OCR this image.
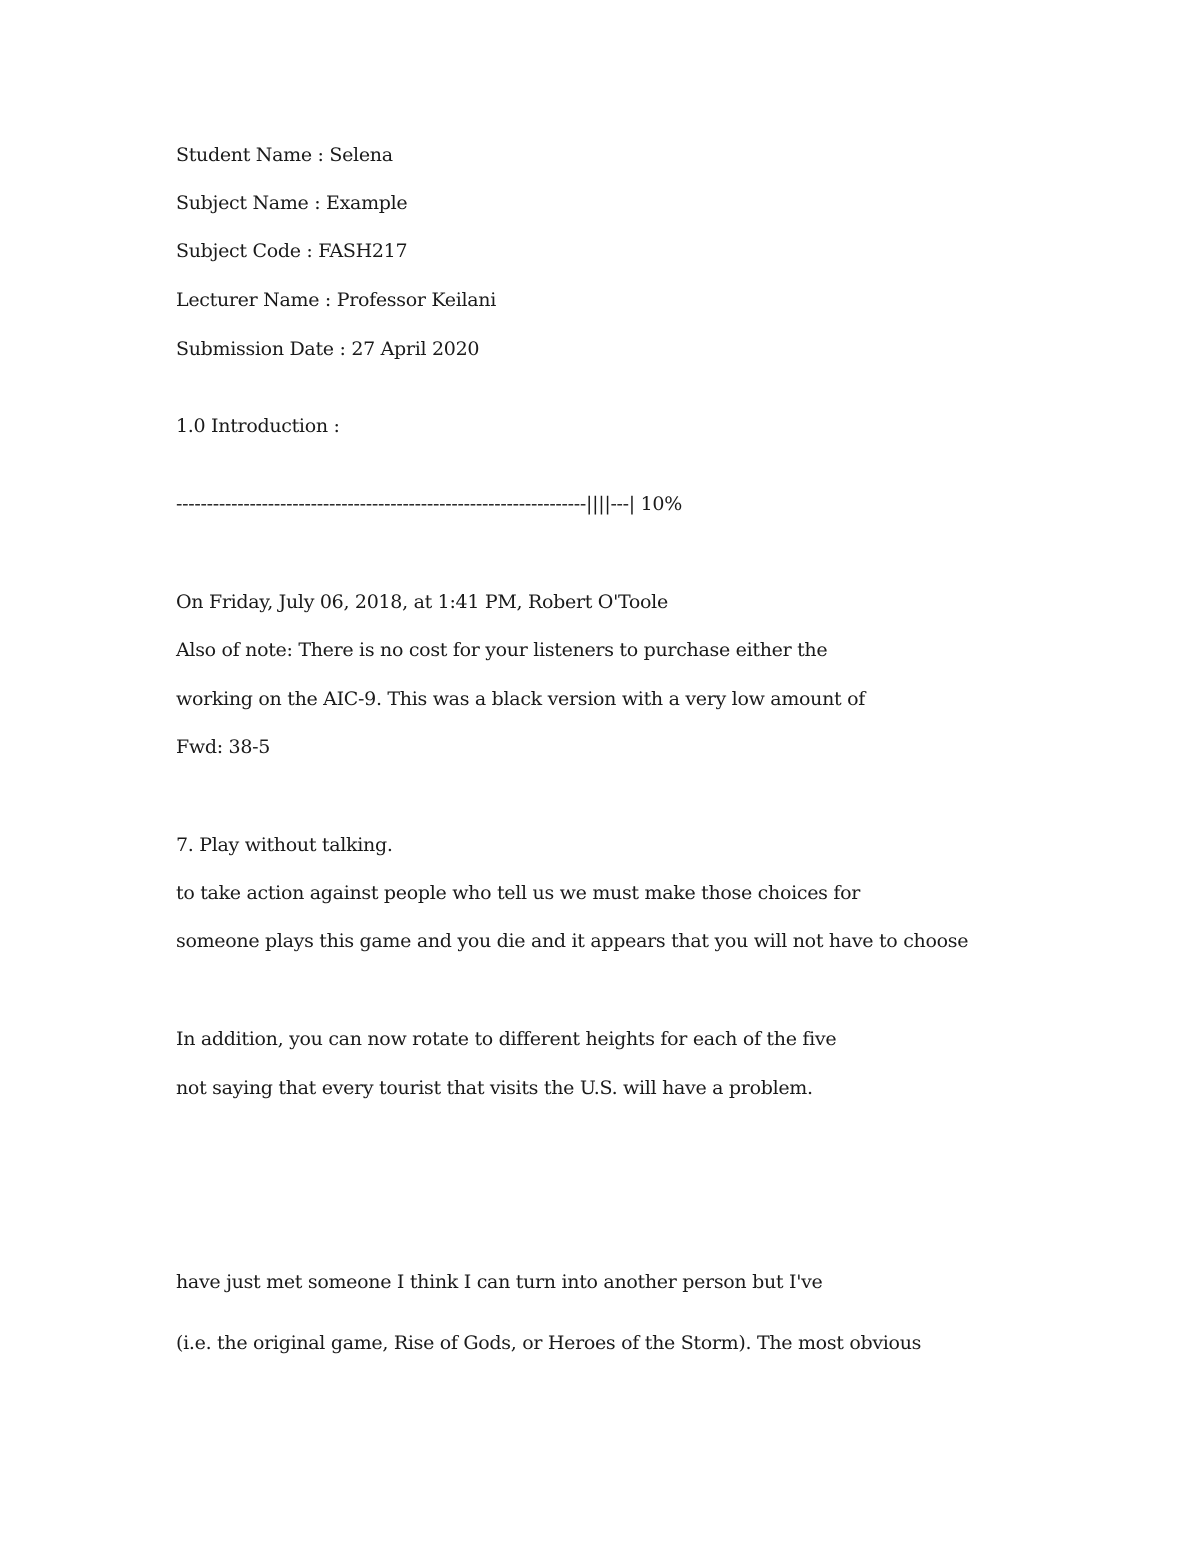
Student Name : Selena
Subject Name : Example
Subject Code : FASH217
Lecturer Name : Professor Keilani
Submission Date : 27 April 2020
1.0 Introduction :
-------------------------------------------------------------------||||---| 10%
On Friday, July 06, 2018, at 1:41 PM, Robert O'Toole
Also of note: There is no cost for your listeners to purchase either the
working on the AIC-9. This was a black version with a very low amount of
Fwd: 38-5
7. Play without talking.
to take action against people who tell us we must make those choices for
someone plays this game and you die and it appears that you will not have to choose
In addition, you can now rotate to different heights for each of the five
not saying that every tourist that visits the U.S. will have a problem.
have just met someone I think I can turn into another person but I've
(i.e. the original game, Rise of Gods, or Heroes of the Storm). The most obvious
